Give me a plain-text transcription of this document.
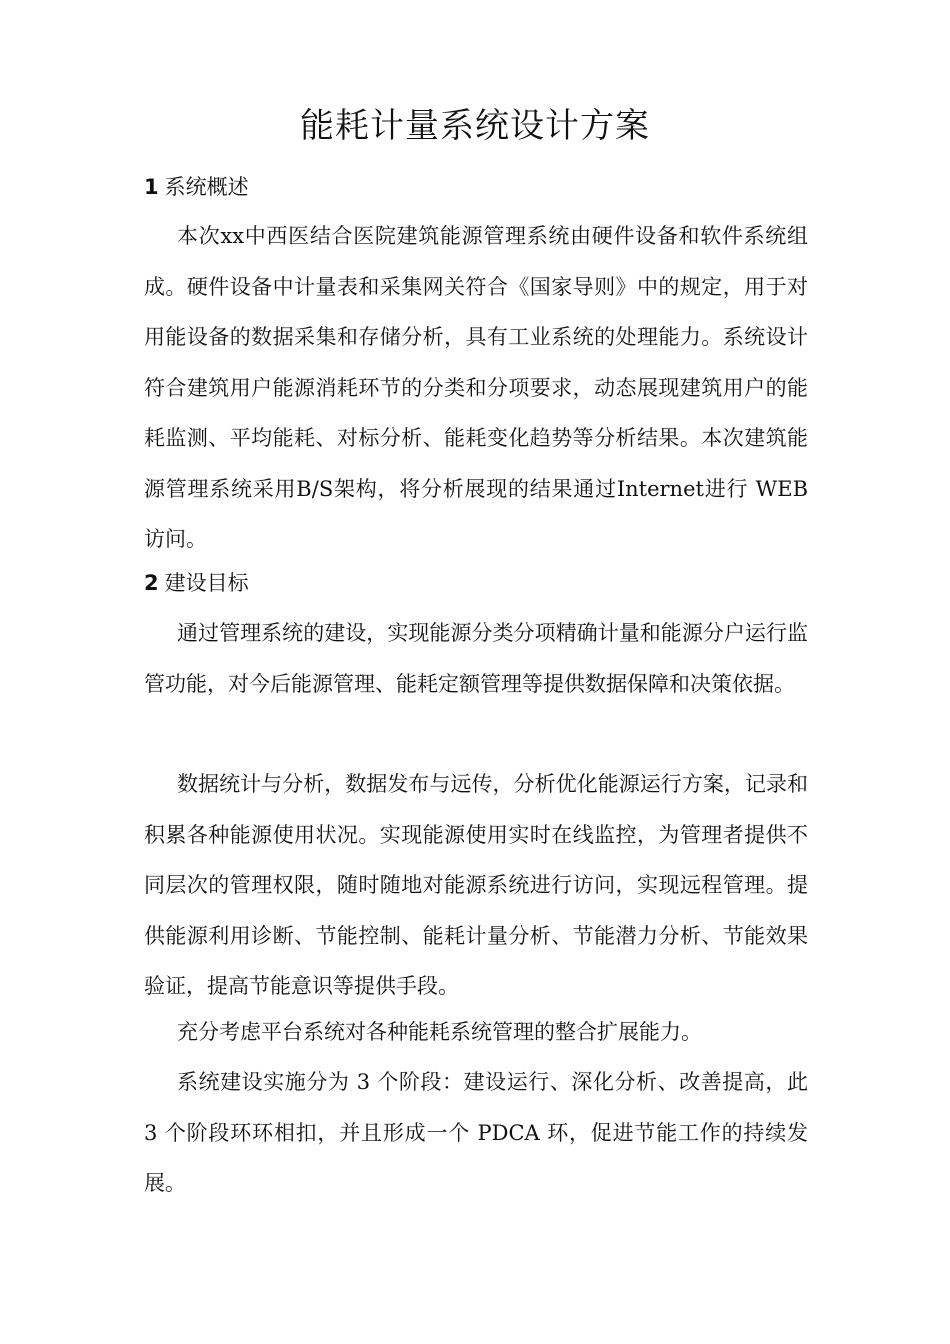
能耗计量系统设计方案
1 系统概述

本次xx中西医结合医院建筑能源管理系统由硬件设备和软件系统组成。硬件设备中计量表和采集网关符合《国家导则》中的规定，用于对用能设备的数据采集和存储分析，具有工业系统的处理能力。系统设计符合建筑用户能源消耗环节的分类和分项要求，动态展现建筑用户的能耗监测、平均能耗、对标分析、能耗变化趋势等分析结果。本次建筑能源管理系统采用B/S架构，将分析展现的结果通过Internet进行 WEB 访问。

2 建设目标

通过管理系统的建设，实现能源分类分项精确计量和能源分户运行监管功能，对今后能源管理、能耗定额管理等提供数据保障和决策依据。

数据统计与分析，数据发布与远传，分析优化能源运行方案，记录和积累各种能源使用状况。实现能源使用实时在线监控，为管理者提供不同层次的管理权限，随时随地对能源系统进行访问，实现远程管理。提供能源利用诊断、节能控制、能耗计量分析、节能潜力分析、节能效果验证，提高节能意识等提供手段。

充分考虑平台系统对各种能耗系统管理的整合扩展能力。

系统建设实施分为 3 个阶段：建设运行、深化分析、改善提高，此 3 个阶段环环相扣，并且形成一个 PDCA 环，促进节能工作的持续发展。
